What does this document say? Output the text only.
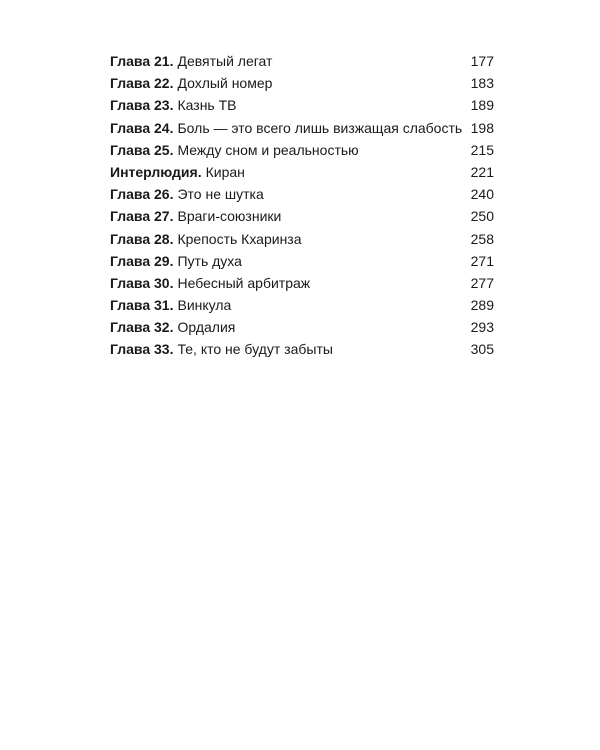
Глава 21. Девятый легат	177
Глава 22. Дохлый номер	183
Глава 23. Казнь ТВ	189
Глава 24. Боль — это всего лишь визжащая слабость 198
Глава 25. Между сном и реальностью	215
Интерлюдия. Киран	221
Глава 26. Это не шутка	240
Глава 27. Враги-союзники	250
Глава 28. Крепость Кхаринза	258
Глава 29. Путь духа	271
Глава 30. Небесный арбитраж	277
Глава 31. Винкула	289
Глава 32. Ордалия	293
Глава 33. Те, кто не будут забыты	305
